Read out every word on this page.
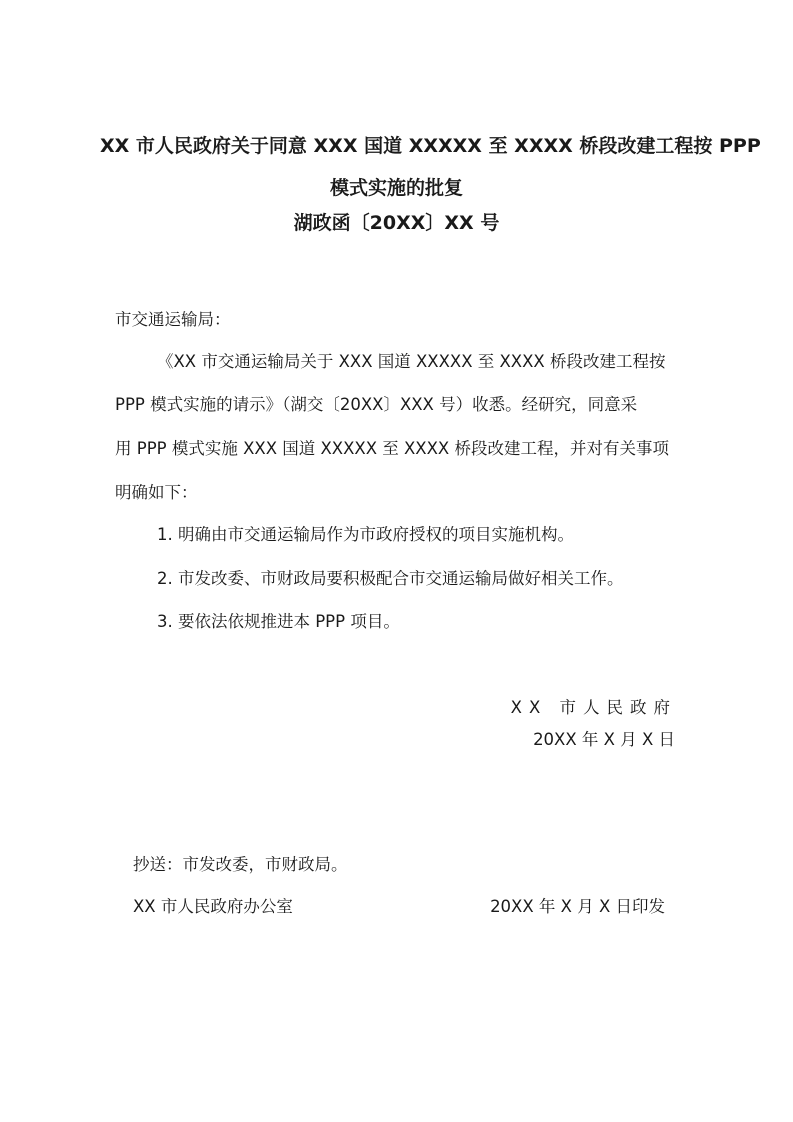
XX 市人民政府关于同意 XXX 国道 XXXXX 至 XXXX 桥段改建工程按 PPP
模式实施的批复
湖政函〔20XX〕XX 号
市交通运输局：
《XX 市交通运输局关于 XXX 国道 XXXXX 至 XXXX 桥段改建工程按
PPP 模式实施的请示》（湖交〔20XX〕XXX 号）收悉。经研究，同意采
用 PPP 模式实施 XXX 国道 XXXXX 至 XXXX 桥段改建工程，并对有关事项
明确如下：
1. 明确由市交通运输局作为市政府授权的项目实施机构。
2. 市发改委、市财政局要积极配合市交通运输局做好相关工作。
3. 要依法依规推进本 PPP 项目。
XX 市人民政府
20XX 年 X 月 X 日
抄送：市发改委，市财政局。
XX 市人民政府办公室	20XX 年 X 月 X 日印发
